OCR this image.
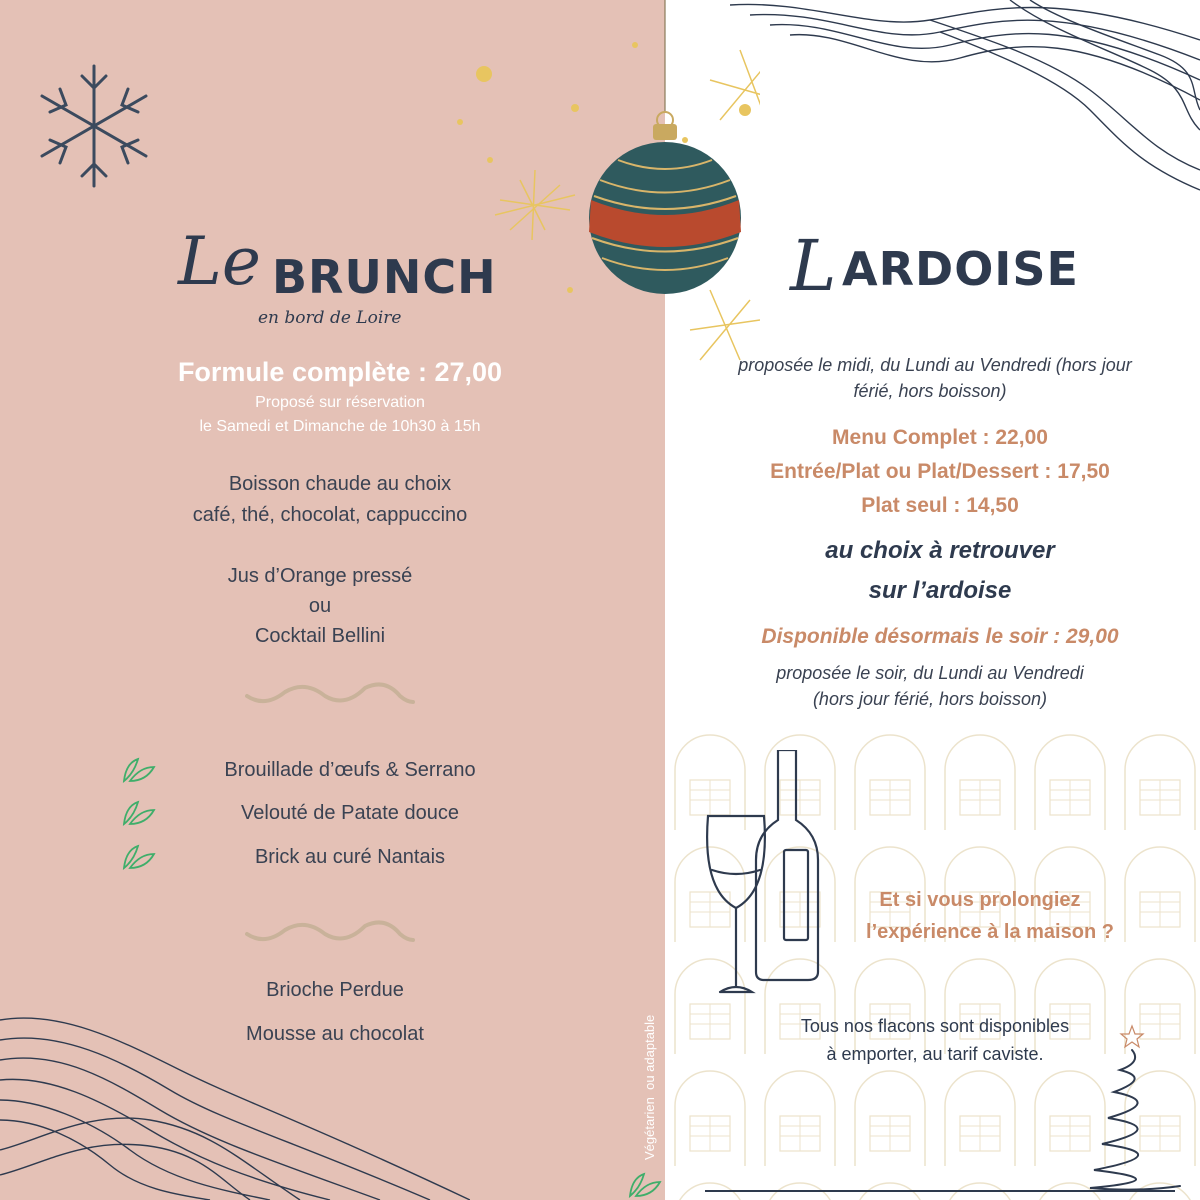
Le BRUNCH
en bord de Loire
Formule complète : 27,00
Proposé sur réservation
le Samedi et Dimanche de 10h30 à 15h
Boisson chaude au choix
café, thé, chocolat, cappuccino
Jus d’Orange pressé
ou
Cocktail Bellini
Brouillade d’œufs & Serrano
Velouté de Patate douce
Brick au curé Nantais
Brioche Perdue
Mousse au chocolat	Végétarien  ou adaptable
L ARDOISE
proposée le midi, du Lundi au Vendredi (hors jour
férié, hors boisson)
Menu Complet : 22,00
Entrée/Plat ou Plat/Dessert : 17,50
Plat seul : 14,50
au choix à retrouver
sur l’ardoise
Disponible désormais le soir : 29,00
proposée le soir, du Lundi au Vendredi
(hors jour férié, hors boisson)
Et si vous prolongiez
l’expérience à la maison ?
Tous nos flacons sont disponibles
à emporter, au tarif caviste.
